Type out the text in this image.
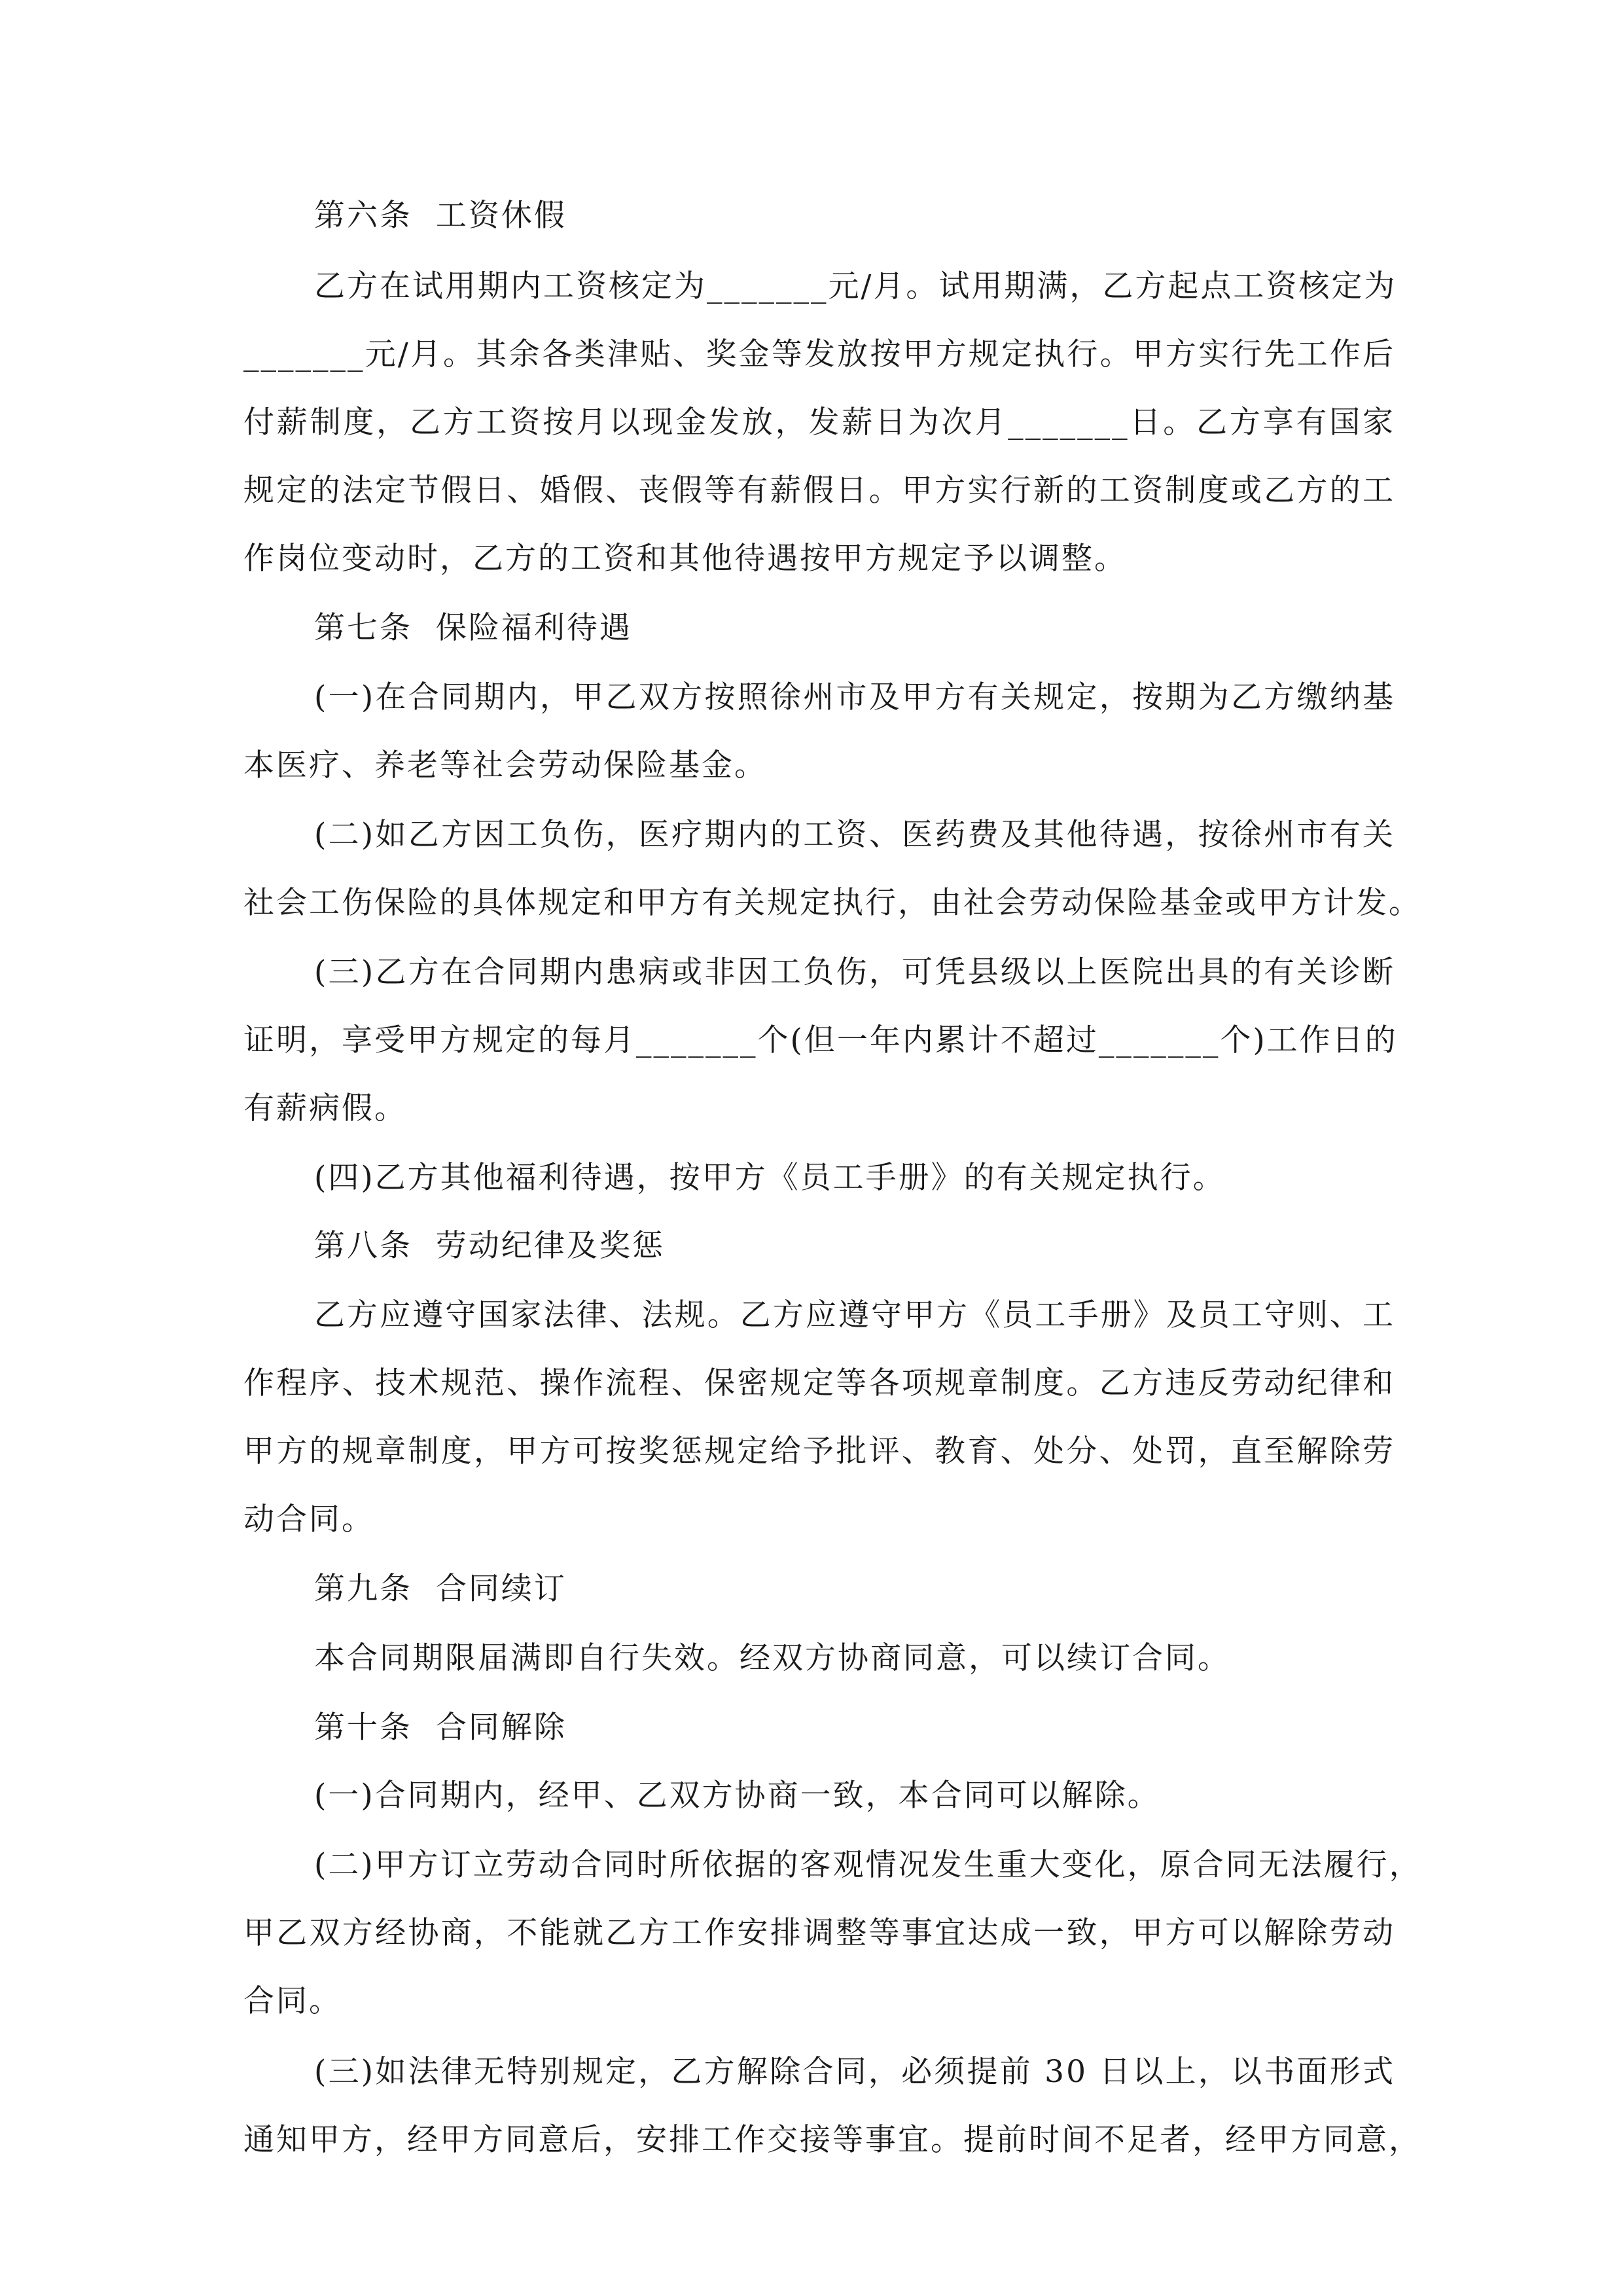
第六条  工资休假
乙方在试用期内工资核定为_______元/月。试用期满，乙方起点工资核定为
_______元/月。其余各类津贴、奖金等发放按甲方规定执行。甲方实行先工作后
付薪制度，乙方工资按月以现金发放，发薪日为次月_______日。乙方享有国家
规定的法定节假日、婚假、丧假等有薪假日。甲方实行新的工资制度或乙方的工
作岗位变动时，乙方的工资和其他待遇按甲方规定予以调整。
第七条  保险福利待遇
(一)在合同期内，甲乙双方按照徐州市及甲方有关规定，按期为乙方缴纳基
本医疗、养老等社会劳动保险基金。
(二)如乙方因工负伤，医疗期内的工资、医药费及其他待遇，按徐州市有关
社会工伤保险的具体规定和甲方有关规定执行，由社会劳动保险基金或甲方计发。
(三)乙方在合同期内患病或非因工负伤，可凭县级以上医院出具的有关诊断
证明，享受甲方规定的每月_______个(但一年内累计不超过_______个)工作日的
有薪病假。
(四)乙方其他福利待遇，按甲方《员工手册》的有关规定执行。
第八条  劳动纪律及奖惩
乙方应遵守国家法律、法规。乙方应遵守甲方《员工手册》及员工守则、工
作程序、技术规范、操作流程、保密规定等各项规章制度。乙方违反劳动纪律和
甲方的规章制度，甲方可按奖惩规定给予批评、教育、处分、处罚，直至解除劳
动合同。
第九条  合同续订
本合同期限届满即自行失效。经双方协商同意，可以续订合同。
第十条  合同解除
(一)合同期内，经甲、乙双方协商一致，本合同可以解除。
(二)甲方订立劳动合同时所依据的客观情况发生重大变化，原合同无法履行，
甲乙双方经协商，不能就乙方工作安排调整等事宜达成一致，甲方可以解除劳动
合同。
(三)如法律无特别规定，乙方解除合同，必须提前 30 日以上，以书面形式
通知甲方，经甲方同意后，安排工作交接等事宜。提前时间不足者，经甲方同意，
